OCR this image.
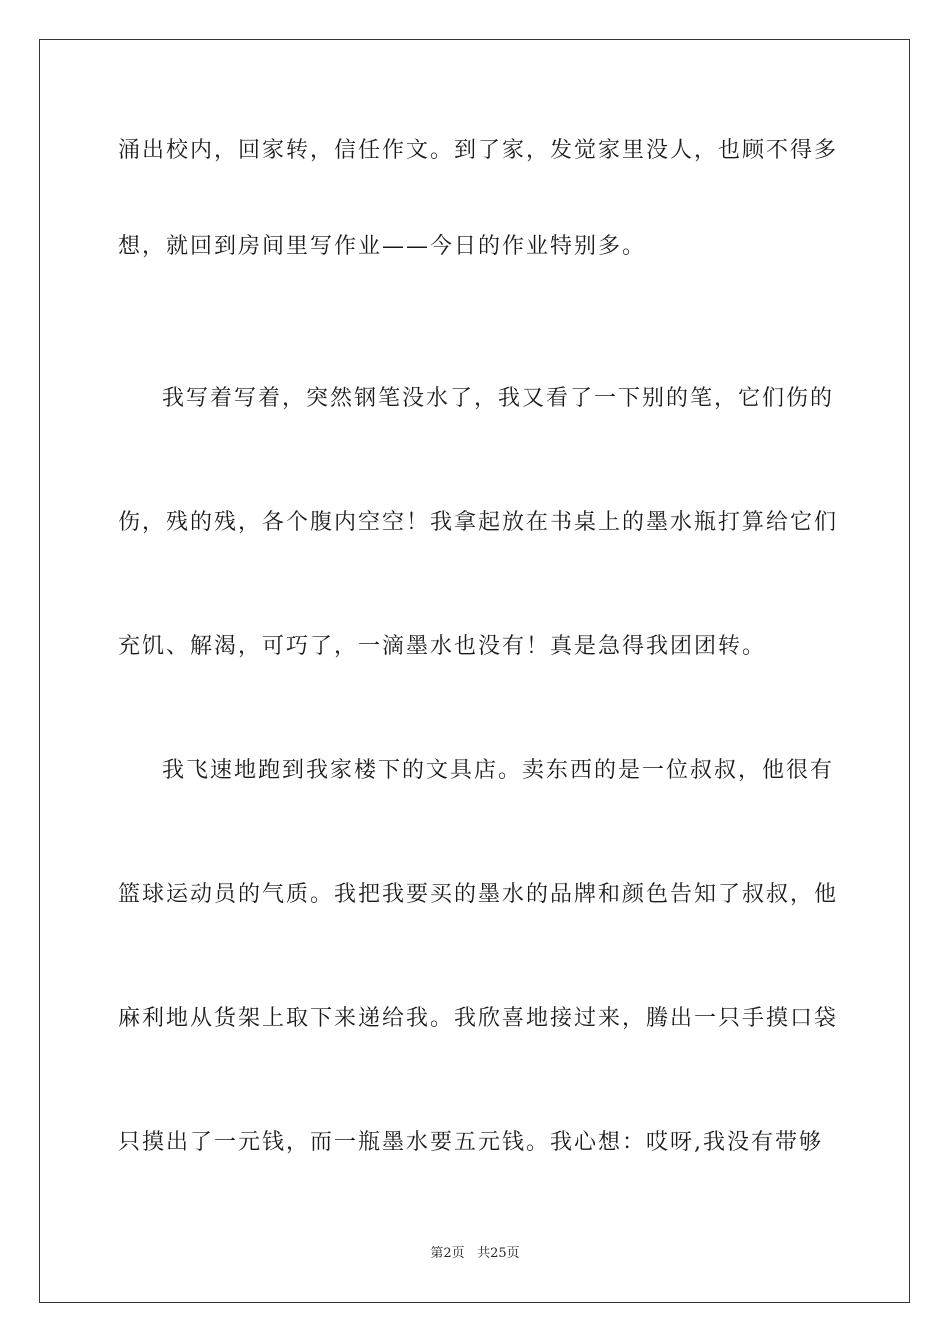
涌出校内，回家转，信任作文。到了家，发觉家里没人，也顾不得多
想，就回到房间里写作业——今日的作业特别多。
我写着写着，突然钢笔没水了，我又看了一下别的笔，它们伤的
伤，残的残，各个腹内空空！我拿起放在书桌上的墨水瓶打算给它们
充饥、解渴，可巧了，一滴墨水也没有！真是急得我团团转。
我飞速地跑到我家楼下的文具店。卖东西的是一位叔叔，他很有
篮球运动员的气质。我把我要买的墨水的品牌和颜色告知了叔叔，他
麻利地从货架上取下来递给我。我欣喜地接过来，腾出一只手摸口袋
只摸出了一元钱，而一瓶墨水要五元钱。我心想：哎呀,我没有带够
第2页 共25页
